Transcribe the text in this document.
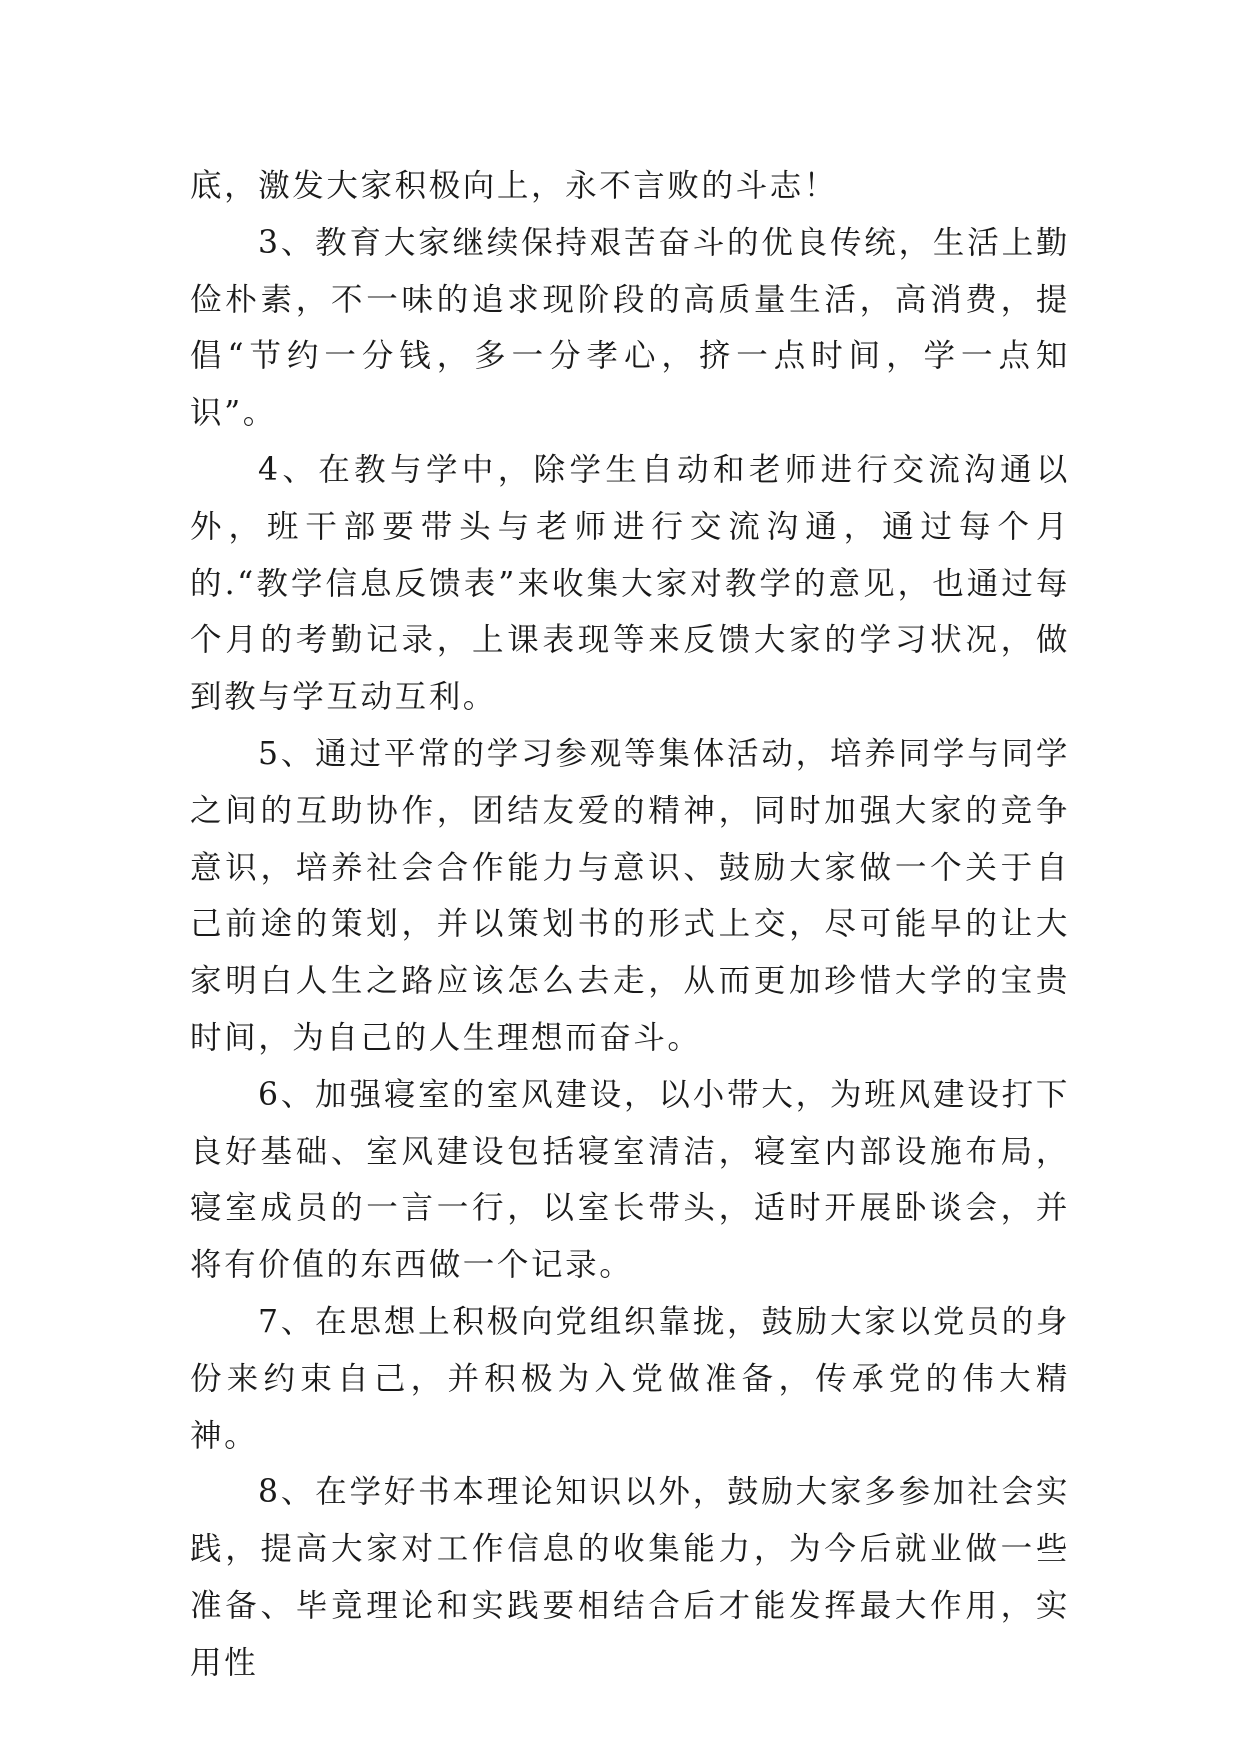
底，激发大家积极向上，永不言败的斗志！

3、教育大家继续保持艰苦奋斗的优良传统，生活上勤俭朴素，不一味的追求现阶段的高质量生活，高消费，提倡“节约一分钱，多一分孝心，挤一点时间，学一点知识”。

4、在教与学中，除学生自动和老师进行交流沟通以外，班干部要带头与老师进行交流沟通，通过每个月的.“教学信息反馈表”来收集大家对教学的意见，也通过每个月的考勤记录，上课表现等来反馈大家的学习状况，做到教与学互动互利。

5、通过平常的学习参观等集体活动，培养同学与同学之间的互助协作，团结友爱的精神，同时加强大家的竞争意识，培养社会合作能力与意识、鼓励大家做一个关于自己前途的策划，并以策划书的形式上交，尽可能早的让大家明白人生之路应该怎么去走，从而更加珍惜大学的宝贵时间，为自己的人生理想而奋斗。

6、加强寝室的室风建设，以小带大，为班风建设打下良好基础、室风建设包括寝室清洁，寝室内部设施布局，寝室成员的一言一行，以室长带头，适时开展卧谈会，并将有价值的东西做一个记录。

7、在思想上积极向党组织靠拢，鼓励大家以党员的身份来约束自己，并积极为入党做准备，传承党的伟大精神。

8、在学好书本理论知识以外，鼓励大家多参加社会实践，提高大家对工作信息的收集能力，为今后就业做一些准备、毕竟理论和实践要相结合后才能发挥最大作用，实用性
